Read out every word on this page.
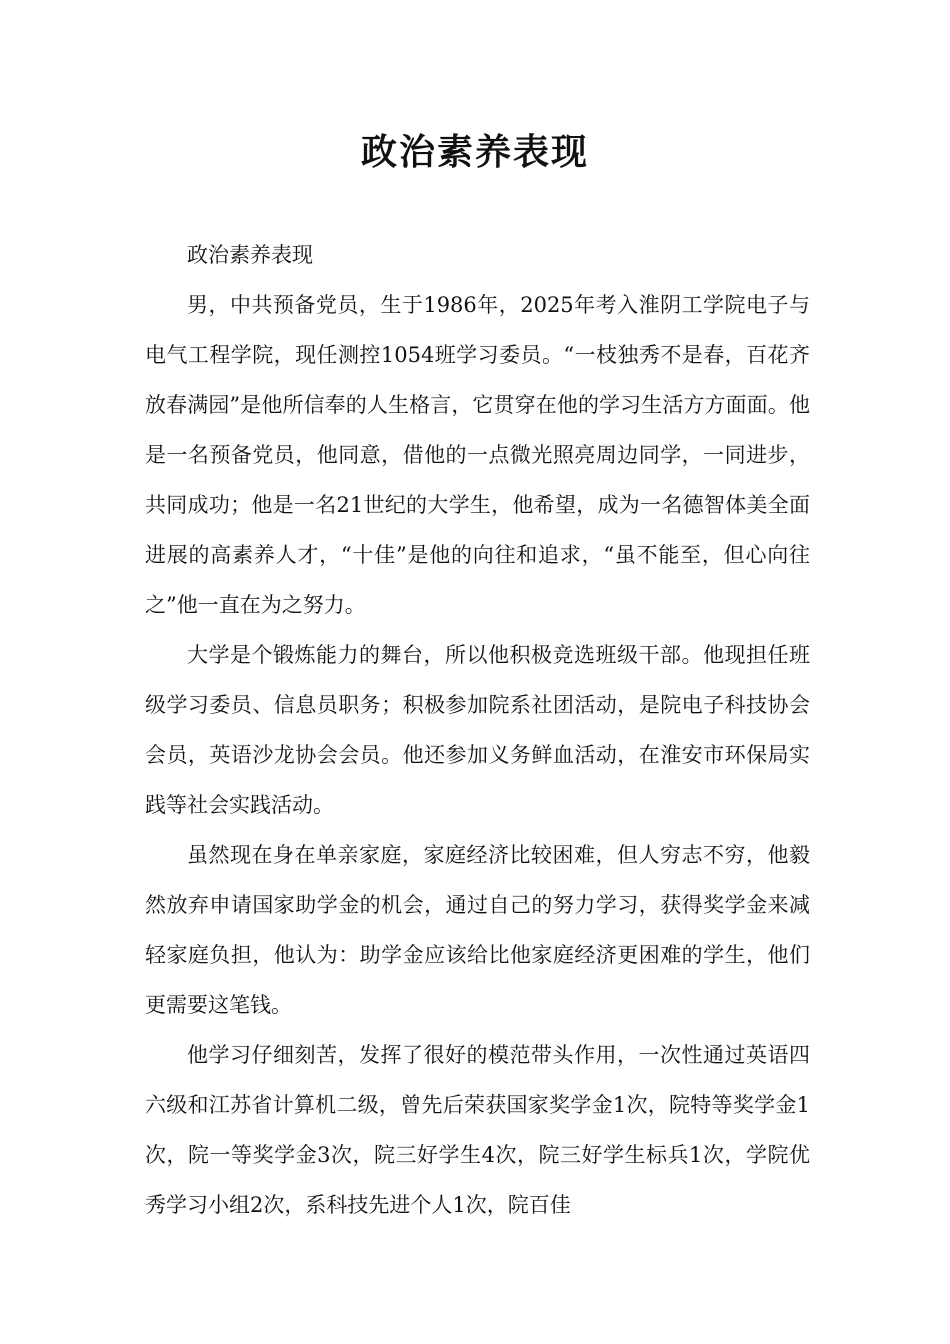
政治素养表现

政治素养表现

男，中共预备党员，生于1986年，2025年考入淮阴工学院电子与电气工程学院，现任测控1054班学习委员。“一枝独秀不是春，百花齐放春满园”是他所信奉的人生格言，它贯穿在他的学习生活方方面面。他是一名预备党员，他同意，借他的一点微光照亮周边同学，一同进步，共同成功；他是一名21世纪的大学生，他希望，成为一名德智体美全面进展的高素养人才，“十佳”是他的向往和追求，“虽不能至，但心向往之”他一直在为之努力。

大学是个锻炼能力的舞台，所以他积极竞选班级干部。他现担任班级学习委员、信息员职务；积极参加院系社团活动，是院电子科技协会会员，英语沙龙协会会员。他还参加义务鲜血活动，在淮安市环保局实践等社会实践活动。

虽然现在身在单亲家庭，家庭经济比较困难，但人穷志不穷，他毅然放弃申请国家助学金的机会，通过自己的努力学习，获得奖学金来减轻家庭负担，他认为：助学金应该给比他家庭经济更困难的学生，他们更需要这笔钱。

他学习仔细刻苦，发挥了很好的模范带头作用，一次性通过英语四六级和江苏省计算机二级，曾先后荣获国家奖学金1次，院特等奖学金1次，院一等奖学金3次，院三好学生4次，院三好学生标兵1次，学院优秀学习小组2次，系科技先进个人1次，院百佳
